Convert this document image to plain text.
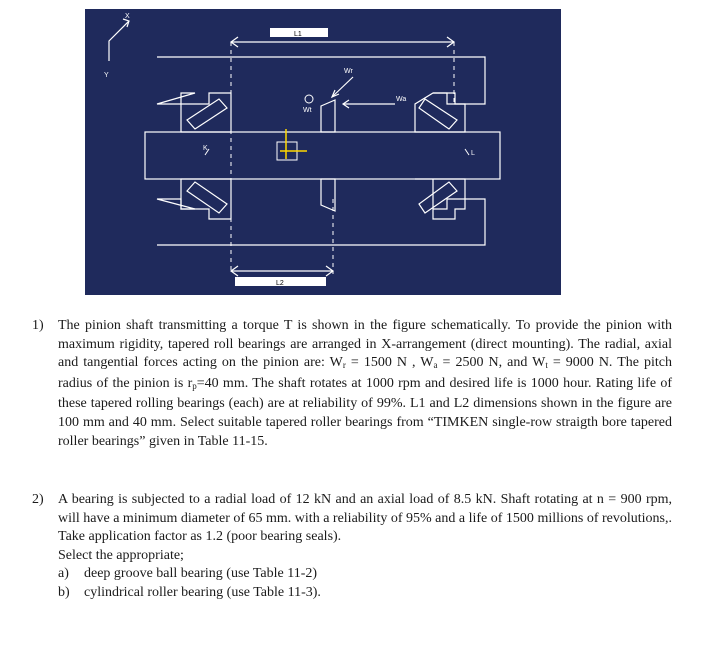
L1
L2
Wr
Wa
Wt
X
Y
K
L
1) The pinion shaft transmitting a torque T is shown in the figure schematically. To provide the pinion with maximum rigidity, tapered roll bearings are arranged in X-arrangement (direct mounting). The radial, axial and tangential forces acting on the pinion are: $W_r = 1500$ N , $W_a = 2500$ N, and $W_t = 9000$ N. The pitch radius of the pinion is $r_p=40$ mm. The shaft rotates at 1000 rpm and desired life is 1000 hour. Rating life of these tapered rolling bearings (each) are at reliability of 99%. L1 and L2 dimensions shown in the figure are 100 mm and 40 mm. Select suitable tapered roller bearings from “TIMKEN single-row straigth bore tapered roller bearings” given in Table 11-15.

2) A bearing is subjected to a radial load of 12 kN and an axial load of 8.5 kN. Shaft rotating at n = 900 rpm, will have a minimum diameter of 65 mm. with a reliability of 95% and a life of 1500 millions of revolutions,. Take application factor as 1.2 (poor bearing seals).

Select the appropriate;

a) deep groove ball bearing (use Table 11-2)
b) cylindrical roller bearing (use Table 11-3).
